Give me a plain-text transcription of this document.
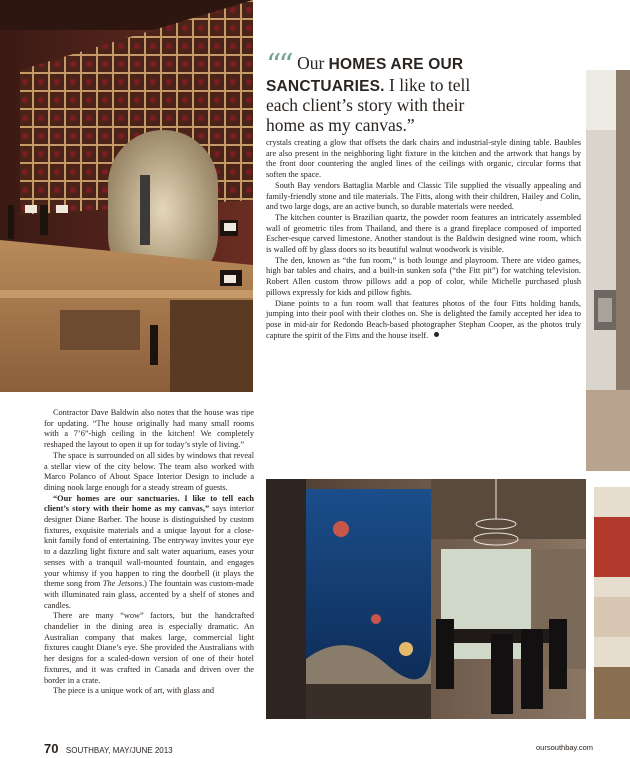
““ Our HOMES ARE OUR SANCTUARIES. I like to tell each client’s story with their home as my canvas.”

crystals creating a glow that offsets the dark chairs and industrial-style dining table. Baubles are also present in the neighboring light fixture in the kitchen and the artwork that hangs by the front door countering the angled lines of the ceilings with organic, circular forms that soften the space.

South Bay vendors Battaglia Marble and Classic Tile supplied the visually appealing and family-friendly stone and tile materials. The Fitts, along with their children, Hailey and Colin, and two large dogs, are an active bunch, so durable materials were needed.

The kitchen counter is Brazilian quartz, the powder room features an intricately assembled wall of geometric tiles from Thailand, and there is a grand fireplace composed of imported Escher-esque carved limestone. Another standout is the Baldwin designed wine room, which is walled off by glass doors so its beautiful walnut woodwork is visible.

The den, known as “the fun room,” is both lounge and playroom. There are video games, high bar tables and chairs, and a built-in sunken sofa (“the Fitt pit”) for watching television. Robert Allen custom throw pillows add a pop of color, while Michelle purchased plush pillows expressly for kids and pillow fights.

Diane points to a fun room wall that features photos of the four Fitts holding hands, jumping into their pool with their clothes on. She is delighted the family accepted her idea to pose in mid-air for Redondo Beach-based photographer Stephan Cooper, as the photos truly capture the spirit of the Fitts and the house itself.

Contractor Dave Baldwin also notes that the house was ripe for updating. “The house originally had many small rooms with a 7’6”-high ceiling in the kitchen! We completely reshaped the layout to open it up for today’s style of living.”

The space is surrounded on all sides by windows that reveal a stellar view of the city below. The team also worked with Marco Polanco of About Space Interior Design to include a dining nook large enough for a steady stream of guests.

“Our homes are our sanctuaries. I like to tell each client’s story with their home as my canvas,” says interior designer Diane Barber. The house is distinguished by custom fixtures, exquisite materials and a unique layout for a close-knit family fond of entertaining. The entryway invites your eye to a dazzling light fixture and salt water aquarium, eases your senses with a tranquil wall-mounted fountain, and engages your whimsy if you happen to ring the doorbell (it plays the theme song from The Jetsons.) The fountain was custom-made with illuminated rain glass, accented by a shelf of stones and candles.

There are many “wow” factors, but the handcrafted chandelier in the dining area is especially dramatic. An Australian company that makes large, commercial light fixtures caught Diane’s eye. She provided the Australians with her designs for a scaled-down version of one of their hotel fixtures, and it was crafted in Canada and driven over the border in a crate.

The piece is a unique work of art, with glass and

70 SOUTHBAY, MAY/JUNE 2013	oursouthbay.com
